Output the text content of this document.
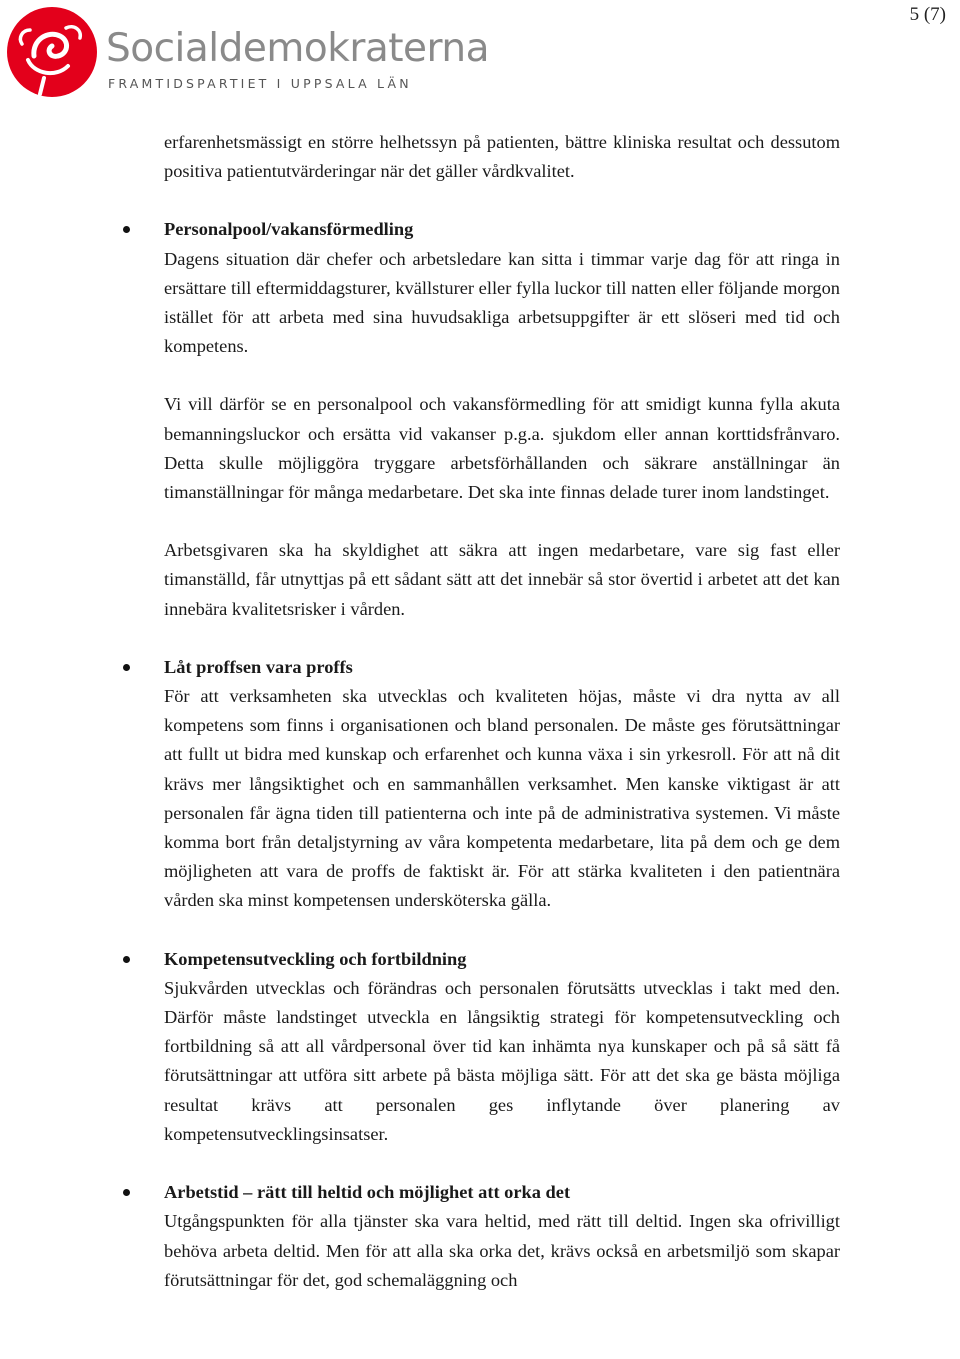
5 (7)
Socialdemokraterna
FRAMTIDSPARTIET I UPPSALA LÄN

erfarenhetsmässigt en större helhetssyn på patienten, bättre kliniska resultat och dessutom positiva patientutvärderingar när det gäller vårdkvalitet.

Personalpool/vakansförmedling

Dagens situation där chefer och arbetsledare kan sitta i timmar varje dag för att ringa in ersättare till eftermiddagsturer, kvällsturer eller fylla luckor till natten eller följande morgon istället för att arbeta med sina huvudsakliga arbetsuppgifter är ett slöseri med tid och kompetens.

Vi vill därför se en personalpool och vakansförmedling för att smidigt kunna fylla akuta bemanningsluckor och ersätta vid vakanser p.g.a. sjukdom eller annan korttidsfrånvaro. Detta skulle möjliggöra tryggare arbetsförhållanden och säkrare anställningar än timanställningar för många medarbetare. Det ska inte finnas delade turer inom landstinget.

Arbetsgivaren ska ha skyldighet att säkra att ingen medarbetare, vare sig fast eller timanställd, får utnyttjas på ett sådant sätt att det innebär så stor övertid i arbetet att det kan innebära kvalitetsrisker i vården.

Låt proffsen vara proffs

För att verksamheten ska utvecklas och kvaliteten höjas, måste vi dra nytta av all kompetens som finns i organisationen och bland personalen. De måste ges förutsättningar att fullt ut bidra med kunskap och erfarenhet och kunna växa i sin yrkesroll. För att nå dit krävs mer långsiktighet och en sammanhållen verksamhet. Men kanske viktigast är att personalen får ägna tiden till patienterna och inte på de administrativa systemen. Vi måste komma bort från detaljstyrning av våra kompetenta medarbetare, lita på dem och ge dem möjligheten att vara de proffs de faktiskt är. För att stärka kvaliteten i den patientnära vården ska minst kompetensen undersköterska gälla.

Kompetensutveckling och fortbildning

Sjukvården utvecklas och förändras och personalen förutsätts utvecklas i takt med den. Därför måste landstinget utveckla en långsiktig strategi för kompetensutveckling och fortbildning så att all vårdpersonal över tid kan inhämta nya kunskaper och på så sätt få förutsättningar att utföra sitt arbete på bästa möjliga sätt. För att det ska ge bästa möjliga resultat krävs att personalen ges inflytande över planering av kompetensutvecklingsinsatser.

Arbetstid – rätt till heltid och möjlighet att orka det

Utgångspunkten för alla tjänster ska vara heltid, med rätt till deltid. Ingen ska ofrivilligt behöva arbeta deltid. Men för att alla ska orka det, krävs också en arbetsmiljö som skapar förutsättningar för det, god schemaläggning och
